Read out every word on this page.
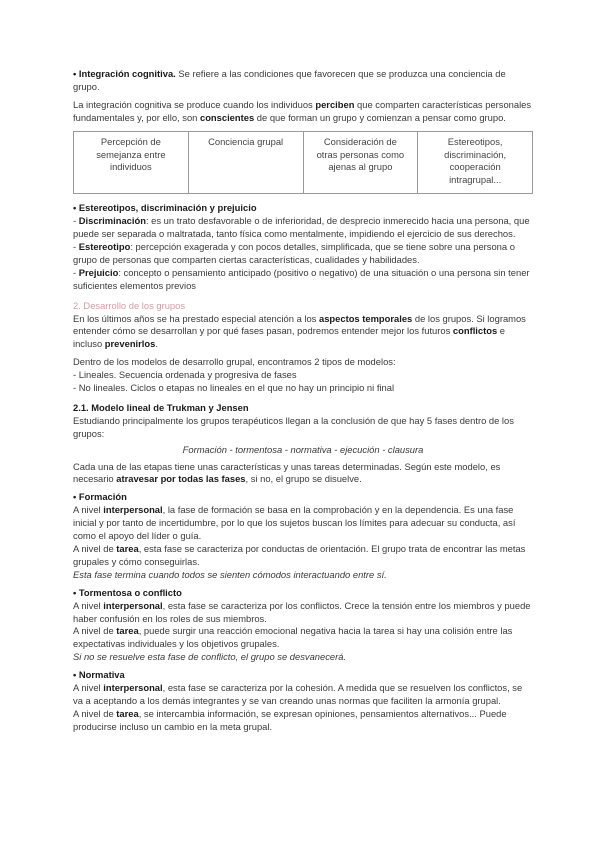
• Integración cognitiva. Se refiere a las condiciones que favorecen que se produzca una conciencia de grupo.

La integración cognitiva se produce cuando los individuos perciben que comparten características personales fundamentales y, por ello, son conscientes de que forman un grupo y comienzan a pensar como grupo.

Percepción de semejanza entre individuos	Conciencia grupal	Consideración de otras personas como ajenas al grupo	Estereotipos, discriminación, cooperación intragrupal...

• Estereotipos, discriminación y prejuicio

- Discriminación: es un trato desfavorable o de inferioridad, de desprecio inmerecido hacia una persona, que puede ser separada o maltratada, tanto física como mentalmente, impidiendo el ejercicio de sus derechos.

- Estereotipo: percepción exagerada y con pocos detalles, simplificada, que se tiene sobre una persona o grupo de personas que comparten ciertas características, cualidades y habilidades.

- Prejuicio: concepto o pensamiento anticipado (positivo o negativo) de una situación o una persona sin tener suficientes elementos previos

2. Desarrollo de los grupos

En los últimos años se ha prestado especial atención a los aspectos temporales de los grupos. Si logramos entender cómo se desarrollan y por qué fases pasan, podremos entender mejor los futuros conflictos e incluso prevenirlos.

Dentro de los modelos de desarrollo grupal, encontramos 2 tipos de modelos:

- Lineales. Secuencia ordenada y progresiva de fases

- No lineales. Ciclos o etapas no lineales en el que no hay un principio ni final

2.1. Modelo lineal de Trukman y Jensen

Estudiando principalmente los grupos terapéuticos llegan a la conclusión de que hay 5 fases dentro de los grupos:

Formación - tormentosa - normativa - ejecución - clausura

Cada una de las etapas tiene unas características y unas tareas determinadas. Según este modelo, es necesario atravesar por todas las fases, si no, el grupo se disuelve.

• Formación

A nivel interpersonal, la fase de formación se basa en la comprobación y en la dependencia. Es una fase inicial y por tanto de incertidumbre, por lo que los sujetos buscan los límites para adecuar su conducta, así como el apoyo del líder o guía.

A nivel de tarea, esta fase se caracteriza por conductas de orientación. El grupo trata de encontrar las metas grupales y cómo conseguirlas.

Esta fase termina cuando todos se sienten cómodos interactuando entre sí.

• Tormentosa o conflicto

A nivel interpersonal, esta fase se caracteriza por los conflictos. Crece la tensión entre los miembros y puede haber confusión en los roles de sus miembros.

A nivel de tarea, puede surgir una reacción emocional negativa hacia la tarea si hay una colisión entre las expectativas individuales y los objetivos grupales.

Si no se resuelve esta fase de conflicto, el grupo se desvanecerá.

• Normativa

A nivel interpersonal, esta fase se caracteriza por la cohesión. A medida que se resuelven los conflictos, se va a aceptando a los demás integrantes y se van creando unas normas que faciliten la armonía grupal.

A nivel de tarea, se intercambia información, se expresan opiniones, pensamientos alternativos... Puede producirse incluso un cambio en la meta grupal.
